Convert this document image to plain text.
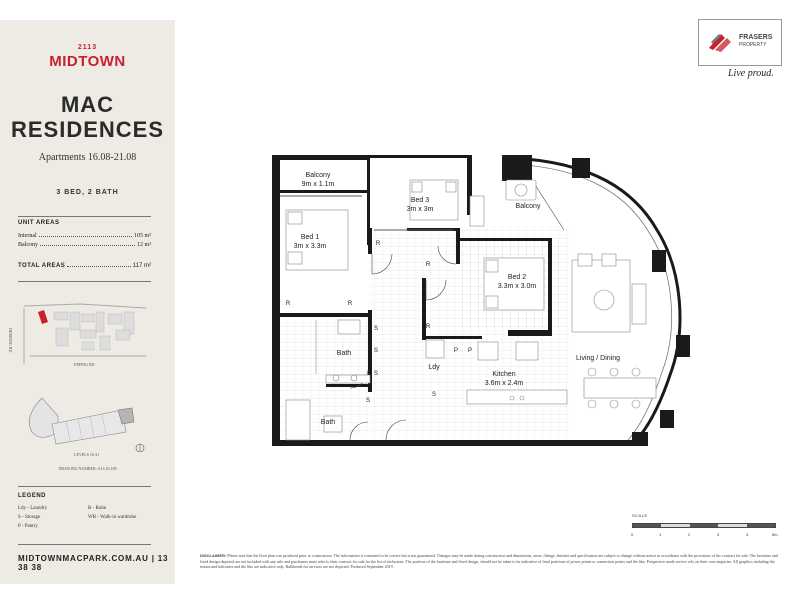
2113
MIDTOWN
MAC
RESIDENCES
Apartments 16.08-21.08
3 BED, 2 BATH
UNIT AREAS
Internal	105 m²
Balcony	12 m²
TOTAL AREAS	117 m²
HERRING RD
EPPING RD
LEVELS 16-21
DRAWING NUMBER: A13.16.108
LEGEND
Ldy - Laundry	B - Robe
S - Storage	WR - Walk-in wardrobe
P - Pantry
MIDTOWNMACPARK.COM.AU | 13 38 38
FRASERS
PROPERTY
Live proud.
Balcony
9m x 1.1m
Bed 3
3m x 3m
Bed 1
3m x 3.3m
Balcony
Bed 2
3.3m x 3.0m
Living / Dining
Kitchen
3.6m x 2.4m
Bath
Bath
Ldy
R	R
R
R
R
S
S
S
S
S
P P
SCALE
0	1	2	3	4	5m
DISCLAIMER: Please note that the floor plan was produced prior to construction. The information it contained to be correct but is not guaranteed. Changes may be made during construction and dimensions, areas, fittings, finishes and specification are subject to change without notice in accordance with the provisions of the contract for sale. The furniture and fixed design depicted are not included with any sale and purchasers must refer to their contract for sale for the list of inclusions. The position of the furniture and fixed design, should not be taken to be indicative of final positions of power points or connection points and the like. Perspective made service rely on their own enquiries. All graphics including the terrain and balconies and the like are indicative only. Bulkheads for services are not depicted. Produced September 2019.
